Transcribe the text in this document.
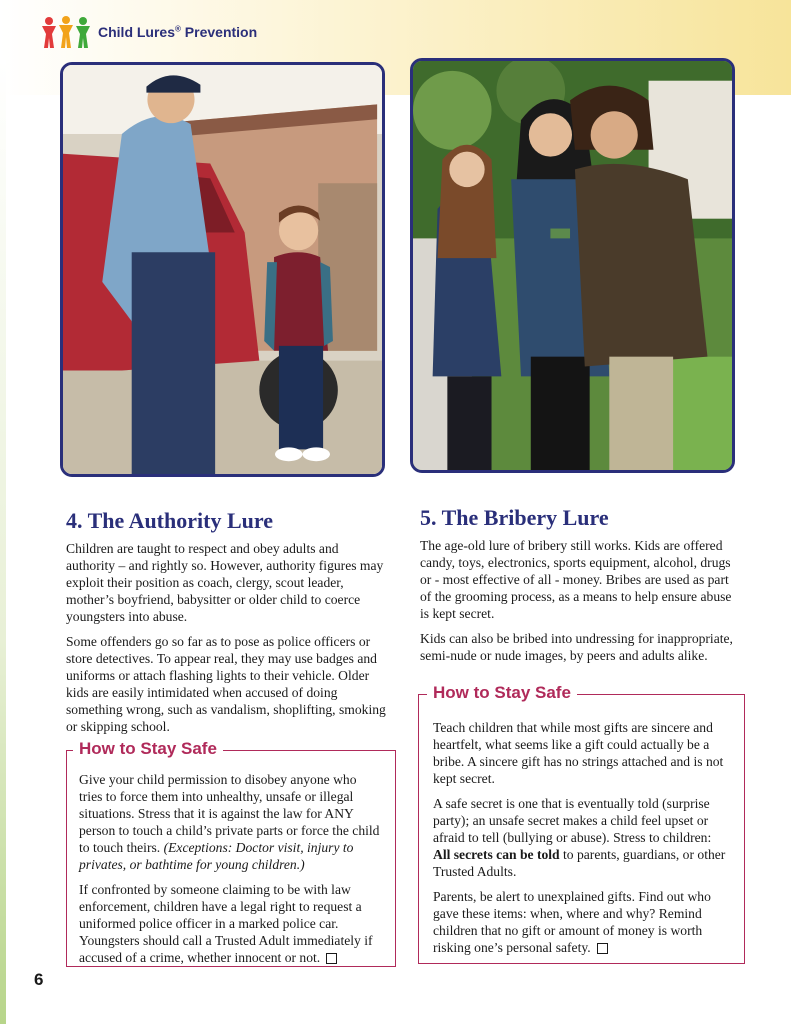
Child Lures® Prevention
4. The Authority Lure

Children are taught to respect and obey adults and authority – and rightly so. However, authority figures may exploit their position as coach, clergy, scout leader, mother’s boyfriend, babysitter or older child to coerce youngsters into abuse.

Some offenders go so far as to pose as police officers or store detectives. To appear real, they may use badges and uniforms or attach flashing lights to their vehicle. Older kids are easily intimidated when accused of doing something wrong, such as vandalism, shoplifting, smoking or skipping school.

How to Stay Safe

Give your child permission to disobey anyone who tries to force them into unhealthy, unsafe or illegal situations. Stress that it is against the law for ANY person to touch a child’s private parts or force the child to touch theirs. (Exceptions: Doctor visit, injury to privates, or bathtime for young children.)

If confronted by someone claiming to be with law enforcement, children have a legal right to request a uniformed police officer in a marked police car. Youngsters should call a Trusted Adult immediately if accused of a crime, whether innocent or not.

5. The Bribery Lure

The age-old lure of bribery still works. Kids are offered candy, toys, electronics, sports equipment, alcohol, drugs or - most effective of all - money. Bribes are used as part of the grooming process, as a means to help ensure abuse is kept secret.

Kids can also be bribed into undressing for inappropriate, semi-nude or nude images, by peers and adults alike.

How to Stay Safe

Teach children that while most gifts are sincere and heartfelt, what seems like a gift could actually be a bribe. A sincere gift has no strings attached and is not kept secret.

A safe secret is one that is eventually told (surprise party); an unsafe secret makes a child feel upset or afraid to tell (bullying or abuse). Stress to children: All secrets can be told to parents, guardians, or other Trusted Adults.

Parents, be alert to unexplained gifts. Find out who gave these items: when, where and why? Remind children that no gift or amount of money is worth risking one’s personal safety.

6
